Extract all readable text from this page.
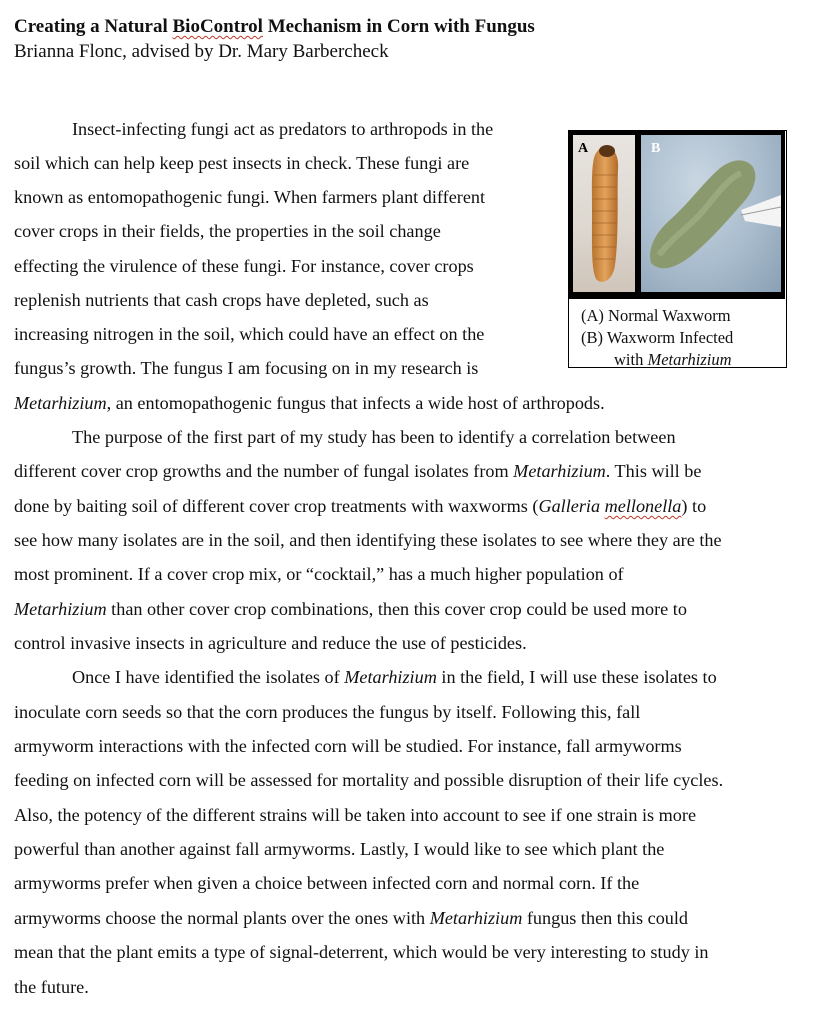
Creating a Natural BioControl Mechanism in Corn with Fungus
Brianna Flonc, advised by Dr. Mary Barbercheck
A	B
(A) Normal Waxworm
(B) Waxworm Infected
with Metarhizium
Insect-infecting fungi act as predators to arthropods in the
soil which can help keep pest insects in check. These fungi are
known as entomopathogenic fungi. When farmers plant different
cover crops in their fields, the properties in the soil change
effecting the virulence of these fungi. For instance, cover crops
replenish nutrients that cash crops have depleted, such as
increasing nitrogen in the soil, which could have an effect on the
fungus’s growth. The fungus I am focusing on in my research is
Metarhizium, an entomopathogenic fungus that infects a wide host of arthropods.
The purpose of the first part of my study has been to identify a correlation between
different cover crop growths and the number of fungal isolates from Metarhizium. This will be
done by baiting soil of different cover crop treatments with waxworms (Galleria mellonella) to
see how many isolates are in the soil, and then identifying these isolates to see where they are the
most prominent. If a cover crop mix, or “cocktail,” has a much higher population of
Metarhizium than other cover crop combinations, then this cover crop could be used more to
control invasive insects in agriculture and reduce the use of pesticides.
Once I have identified the isolates of Metarhizium in the field, I will use these isolates to
inoculate corn seeds so that the corn produces the fungus by itself. Following this, fall
armyworm interactions with the infected corn will be studied. For instance, fall armyworms
feeding on infected corn will be assessed for mortality and possible disruption of their life cycles.
Also, the potency of the different strains will be taken into account to see if one strain is more
powerful than another against fall armyworms. Lastly, I would like to see which plant the
armyworms prefer when given a choice between infected corn and normal corn. If the
armyworms choose the normal plants over the ones with Metarhizium fungus then this could
mean that the plant emits a type of signal-deterrent, which would be very interesting to study in
the future.
